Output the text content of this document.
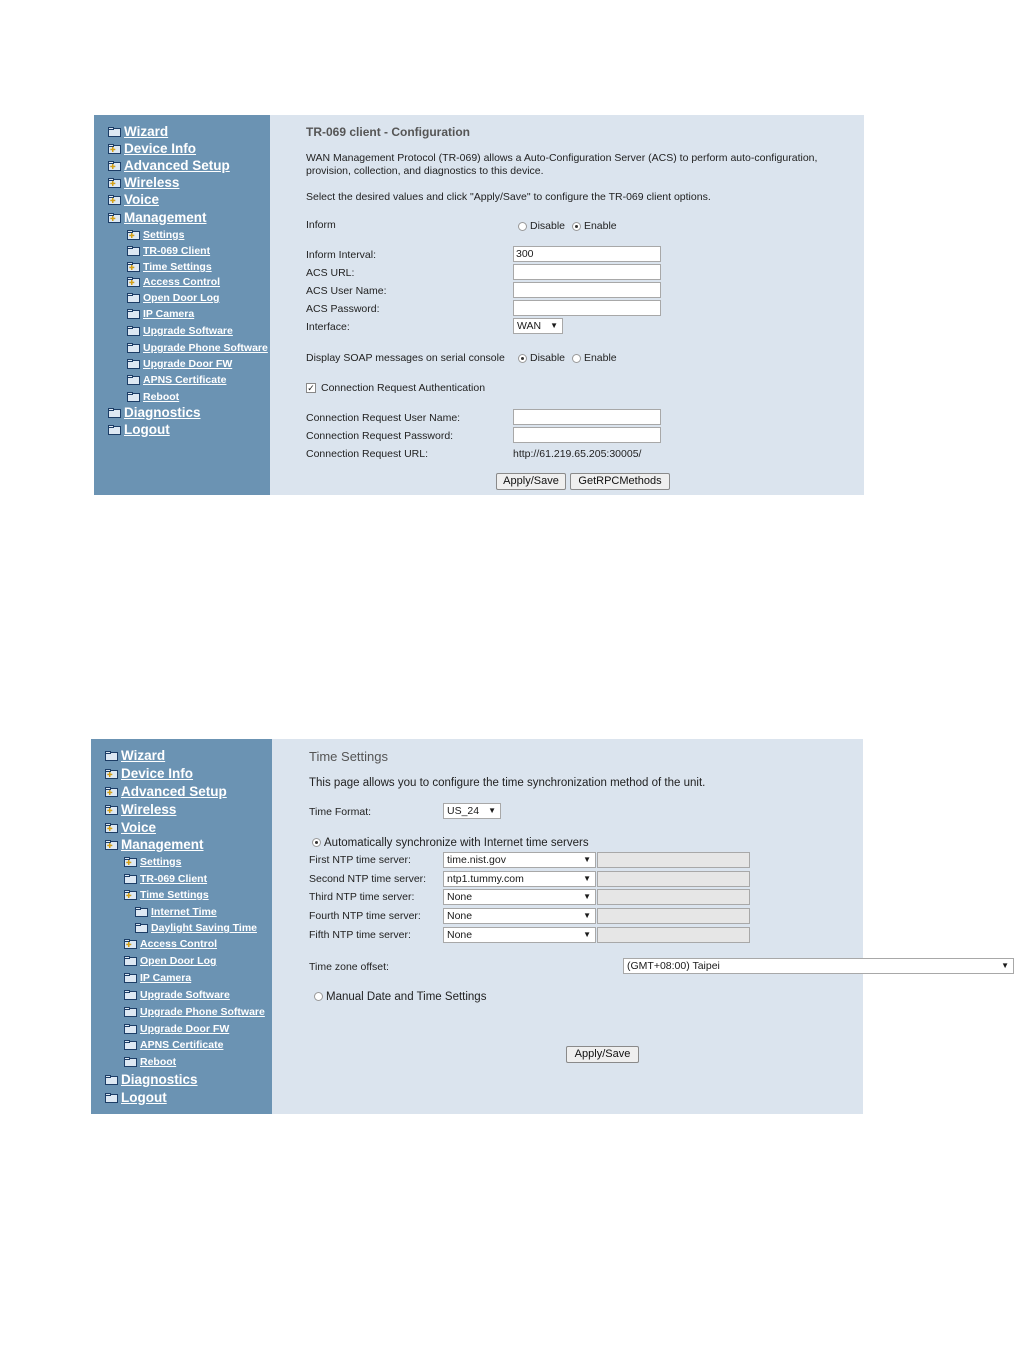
Wizard
Device Info
Advanced Setup
Wireless
Voice
Management
Settings
TR-069 Client
Time Settings
Access Control
Open Door Log
IP Camera
Upgrade Software
Upgrade Phone Software
Upgrade Door FW
APNS Certificate
Reboot
Diagnostics
Logout
TR-069 client - Configuration
WAN Management Protocol (TR-069) allows a Auto-Configuration Server (ACS) to perform auto-configuration,
provision, collection, and diagnostics to this device.
Select the desired values and click "Apply/Save" to configure the TR-069 client options.
Inform	Disable Enable
Inform Interval:	300
ACS URL:
ACS User Name:
ACS Password:
Interface:	WAN ▼
Display SOAP messages on serial console	Disable Enable
✓ Connection Request Authentication
Connection Request User Name:
Connection Request Password:
Connection Request URL:	http://61.219.65.205:30005/
Apply/Save	GetRPCMethods
Wizard
Device Info
Advanced Setup
Wireless
Voice
Management
Settings
TR-069 Client
Time Settings
Internet Time
Daylight Saving Time
Access Control
Open Door Log
IP Camera
Upgrade Software
Upgrade Phone Software
Upgrade Door FW
APNS Certificate
Reboot
Diagnostics
Logout
Time Settings
This page allows you to configure the time synchronization method of the unit.
Time Format:	US_24 ▼
Automatically synchronize with Internet time servers
First NTP time server:	time.nist.gov	▼
Second NTP time server:	ntp1.tummy.com	▼
Third NTP time server:	None	▼
Fourth NTP time server:	None	▼
Fifth NTP time server:	None	▼
Time zone offset:	(GMT+08:00) Taipei	▼
Manual Date and Time Settings
Apply/Save
